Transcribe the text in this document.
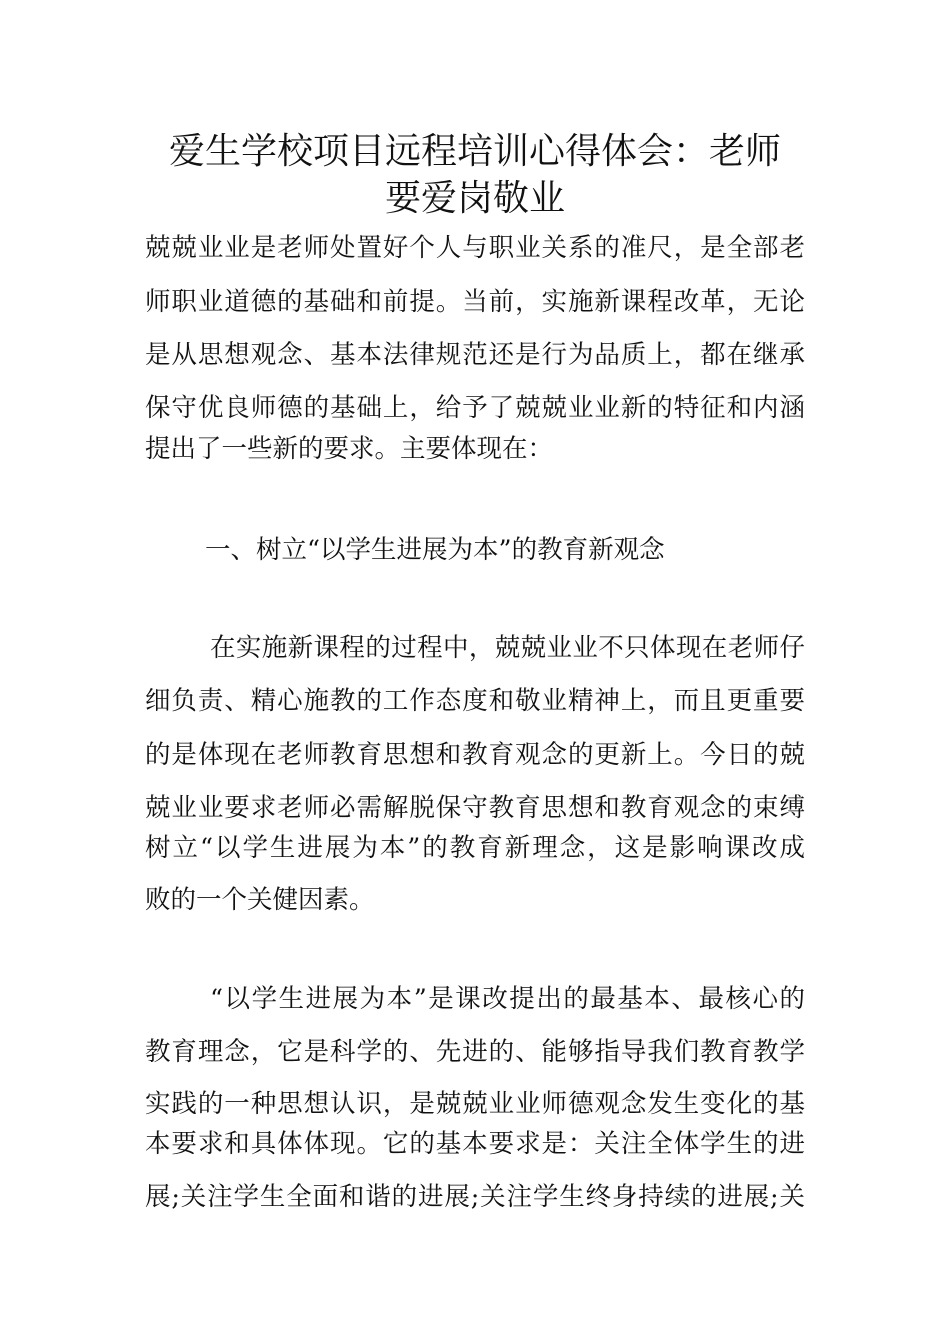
爱生学校项目远程培训心得体会：老师
要爱岗敬业
兢兢业业是老师处置好个人与职业关系的准尺，是全部老
师职业道德的基础和前提。当前，实施新课程改革，无论
是从思想观念、基本法律规范还是行为品质上，都在继承
保守优良师德的基础上，给予了兢兢业业新的特征和内涵
提出了一些新的要求。主要体现在：
一、树立“以学生进展为本”的教育新观念
在实施新课程的过程中，兢兢业业不只体现在老师仔
细负责、精心施教的工作态度和敬业精神上，而且更重要
的是体现在老师教育思想和教育观念的更新上。今日的兢
兢业业要求老师必需解脱保守教育思想和教育观念的束缚
树立“以学生进展为本”的教育新理念，这是影响课改成
败的一个关健因素。
“以学生进展为本”是课改提出的最基本、最核心的
教育理念，它是科学的、先进的、能够指导我们教育教学
实践的一种思想认识，是兢兢业业师德观念发生变化的基
本要求和具体体现。它的基本要求是：关注全体学生的进
展;关注学生全面和谐的进展;关注学生终身持续的进展;关
